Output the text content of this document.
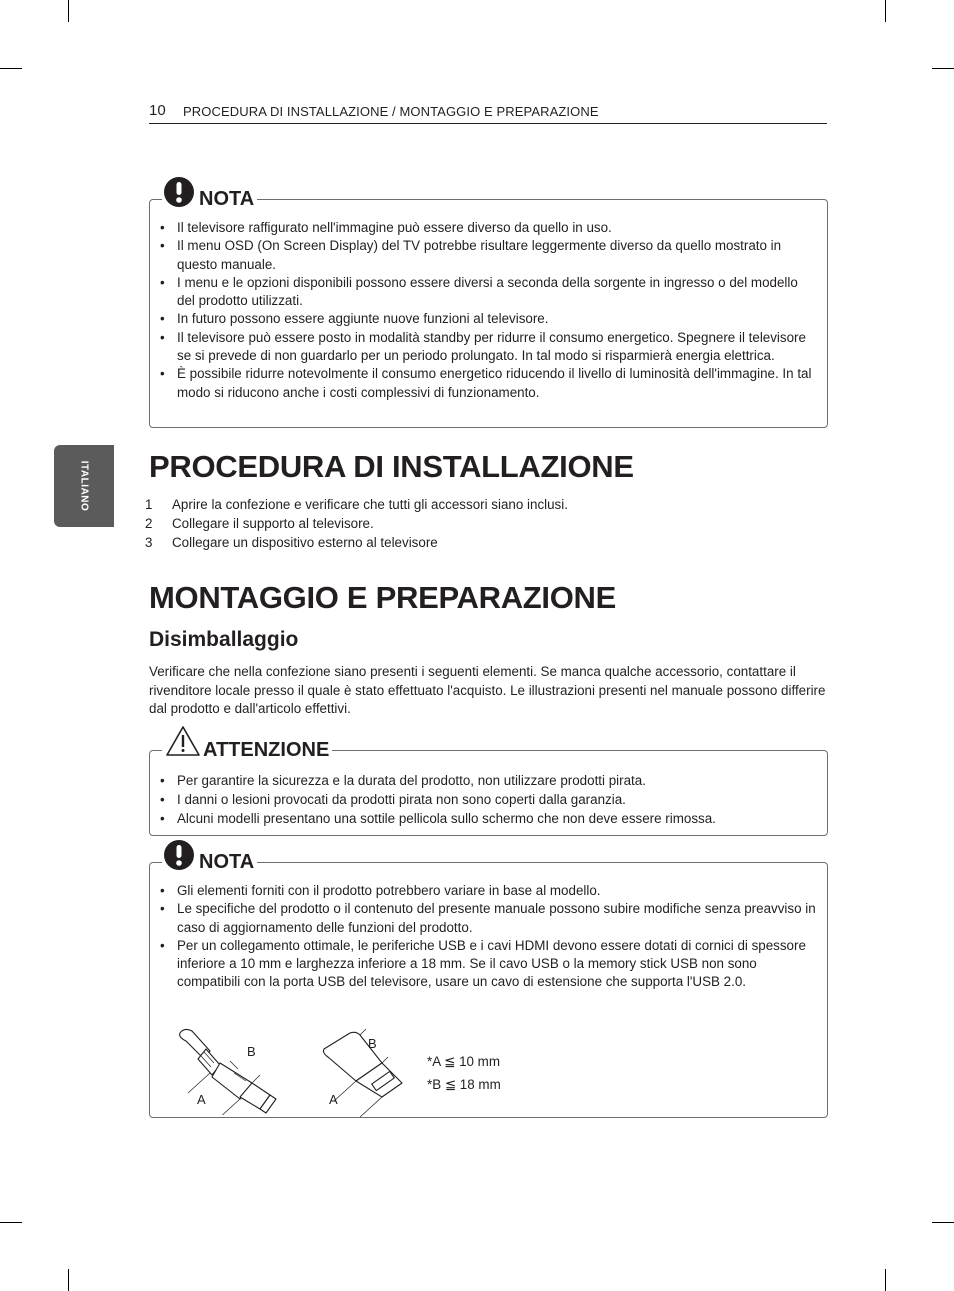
10 PROCEDURA DI INSTALLAZIONE / MONTAGGIO E PREPARAZIONE
ITALIANO
NOTA
• Il televisore raffigurato nell'immagine può essere diverso da quello in uso.
• Il menu OSD (On Screen Display) del TV potrebbe risultare leggermente diverso da quello mostrato in questo manuale.
• I menu e le opzioni disponibili possono essere diversi a seconda della sorgente in ingresso o del modello del prodotto utilizzati.
• In futuro possono essere aggiunte nuove funzioni al televisore.
• Il televisore può essere posto in modalità standby per ridurre il consumo energetico. Spegnere il televisore se si prevede di non guardarlo per un periodo prolungato. In tal modo si risparmierà energia elettrica.
• È possibile ridurre notevolmente il consumo energetico riducendo il livello di luminosità dell'immagine. In tal modo si riducono anche i costi complessivi di funzionamento.
PROCEDURA DI INSTALLAZIONE
1 Aprire la confezione e verificare che tutti gli accessori siano inclusi.
2 Collegare il supporto al televisore.
3 Collegare un dispositivo esterno al televisore
MONTAGGIO E PREPARAZIONE
Disimballaggio

Verificare che nella confezione siano presenti i seguenti elementi. Se manca qualche accessorio, contattare il rivenditore locale presso il quale è stato effettuato l'acquisto. Le illustrazioni presenti nel manuale possono differire dal prodotto e dall'articolo effettivi.

ATTENZIONE
• Per garantire la sicurezza e la durata del prodotto, non utilizzare prodotti pirata.
• I danni o lesioni provocati da prodotti pirata non sono coperti dalla garanzia.
• Alcuni modelli presentano una sottile pellicola sullo schermo che non deve essere rimossa.
NOTA
• Gli elementi forniti con il prodotto potrebbero variare in base al modello.
• Le specifiche del prodotto o il contenuto del presente manuale possono subire modifiche senza preavviso in caso di aggiornamento delle funzioni del prodotto.
• Per un collegamento ottimale, le periferiche USB e i cavi HDMI devono essere dotati di cornici di spessore inferiore a 10 mm e larghezza inferiore a 18 mm. Se il cavo USB o la memory stick USB non sono compatibili con la porta USB del televisore, usare un cavo di estensione che supporta l'USB 2.0.
B
A
B
A
*A ≦ 10 mm
*B ≦ 18 mm
